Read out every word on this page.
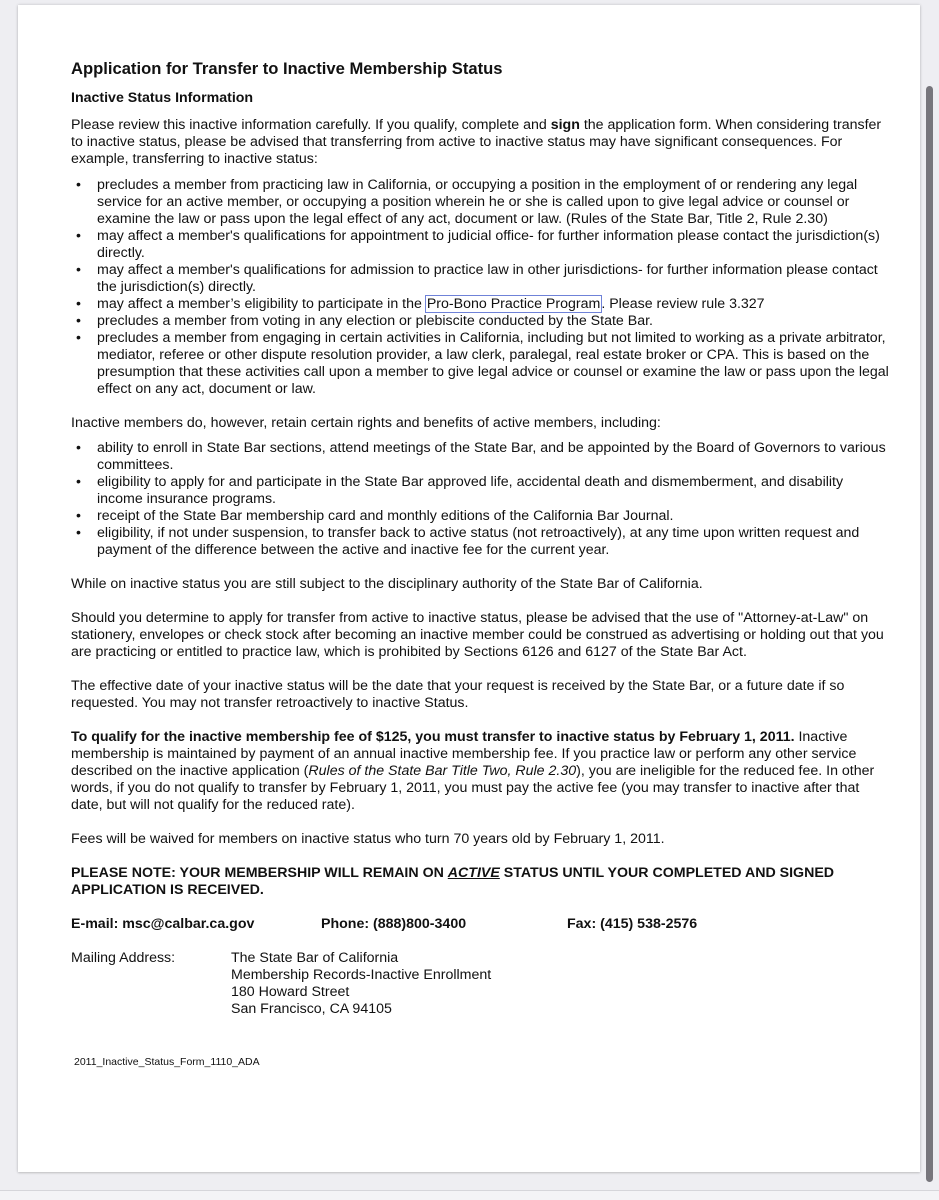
Application for Transfer to Inactive Membership Status
Inactive Status Information

Please review this inactive information carefully. If you qualify, complete and sign the application form. When considering transfer to inactive status, please be advised that transferring from active to inactive status may have significant consequences. For example, transferring to inactive status:

• precludes a member from practicing law in California, or occupying a position in the employment of or rendering any legal service for an active member, or occupying a position wherein he or she is called upon to give legal advice or counsel or examine the law or pass upon the legal effect of any act, document or law. (Rules of the State Bar, Title 2, Rule 2.30)
• may affect a member's qualifications for appointment to judicial office- for further information please contact the jurisdiction(s) directly.
• may affect a member's qualifications for admission to practice law in other jurisdictions- for further information please contact the jurisdiction(s) directly.
• may affect a member’s eligibility to participate in the Pro-Bono Practice Program. Please review rule 3.327
• precludes a member from voting in any election or plebiscite conducted by the State Bar.
• precludes a member from engaging in certain activities in California, including but not limited to working as a private arbitrator, mediator, referee or other dispute resolution provider, a law clerk, paralegal, real estate broker or CPA. This is based on the presumption that these activities call upon a member to give legal advice or counsel or examine the law or pass upon the legal effect on any act, document or law.

Inactive members do, however, retain certain rights and benefits of active members, including:

• ability to enroll in State Bar sections, attend meetings of the State Bar, and be appointed by the Board of Governors to various committees.
• eligibility to apply for and participate in the State Bar approved life, accidental death and dismemberment, and disability income insurance programs.
• receipt of the State Bar membership card and monthly editions of the California Bar Journal.
• eligibility, if not under suspension, to transfer back to active status (not retroactively), at any time upon written request and payment of the difference between the active and inactive fee for the current year.

While on inactive status you are still subject to the disciplinary authority of the State Bar of California.

Should you determine to apply for transfer from active to inactive status, please be advised that the use of "Attorney-at-Law" on stationery, envelopes or check stock after becoming an inactive member could be construed as advertising or holding out that you are practicing or entitled to practice law, which is prohibited by Sections 6126 and 6127 of the State Bar Act.

The effective date of your inactive status will be the date that your request is received by the State Bar, or a future date if so requested. You may not transfer retroactively to inactive Status.

To qualify for the inactive membership fee of $125, you must transfer to inactive status by February 1, 2011. Inactive membership is maintained by payment of an annual inactive membership fee. If you practice law or perform any other service described on the inactive application (Rules of the State Bar Title Two, Rule 2.30), you are ineligible for the reduced fee. In other words, if you do not qualify to transfer by February 1, 2011, you must pay the active fee (you may transfer to inactive after that date, but will not qualify for the reduced rate).

Fees will be waived for members on inactive status who turn 70 years old by February 1, 2011.

PLEASE NOTE: YOUR MEMBERSHIP WILL REMAIN ON ACTIVE STATUS UNTIL YOUR COMPLETED AND SIGNED APPLICATION IS RECEIVED.

E-mail: msc@calbar.ca.gov	Phone: (888)800-3400	Fax: (415) 538-2576
Mailing Address:	The State Bar of California
Membership Records-Inactive Enrollment
180 Howard Street
San Francisco, CA 94105
2011_Inactive_Status_Form_1110_ADA
